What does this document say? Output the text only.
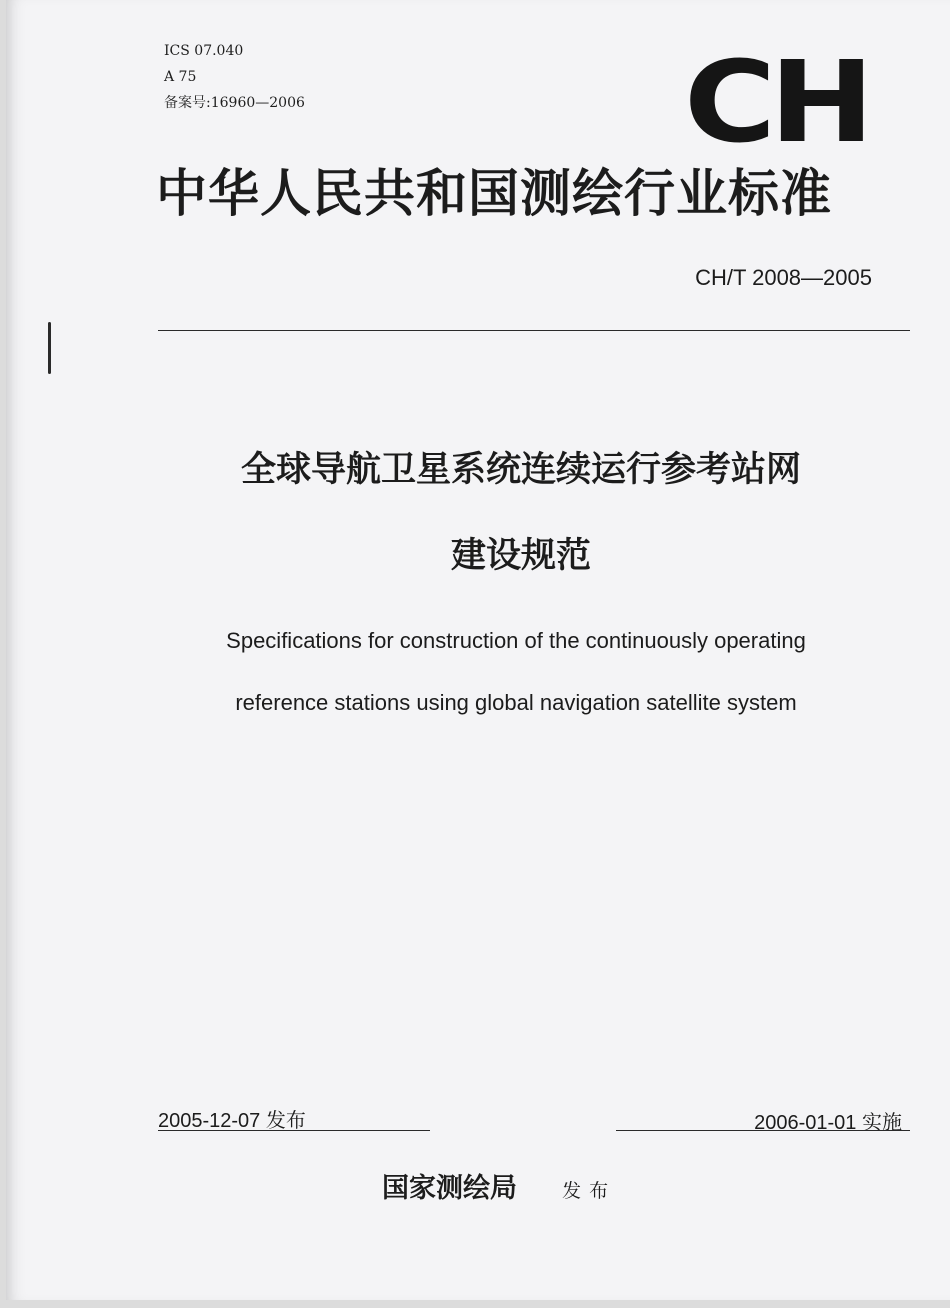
ICS 07.040
A 75
备案号:16960—2006	CH
中华人民共和国测绘行业标准
CH/T 2008—2005
全球导航卫星系统连续运行参考站网
建设规范
Specifications for construction of the continuously operating
reference stations using global navigation satellite system
2005-12-07 发布	2006-01-01 实施
国家测绘局 发布
